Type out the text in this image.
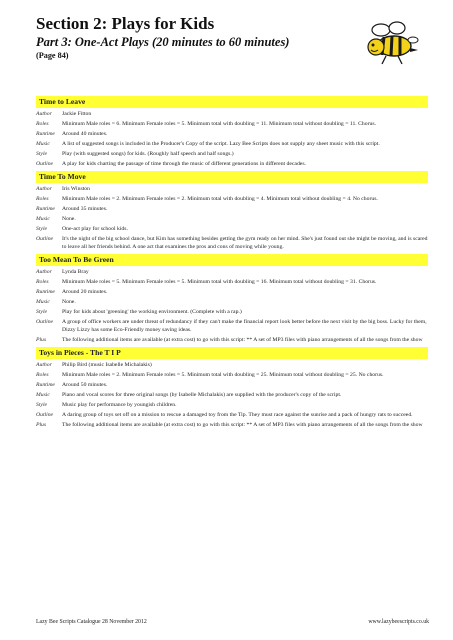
Section 2: Plays for Kids
Part 3: One-Act Plays (20 minutes to 60 minutes)
(Page 84)
Time to Leave
Author	Jackie Fitton
Roles	Minimum Male roles = 6. Minimum Female roles = 5. Minimum total with doubling = 11. Minimum total without doubling = 11. Chorus.
Runtime	Around 40 minutes.
Music	A list of suggested songs is included in the Producer's Copy of the script. Lazy Bee Scripts does not supply any sheet music with this script.
Style	Play (with suggested songs) for kids. (Roughly half speech and half songs.)
Outline	A play for kids charting the passage of time through the music of different generations in different decades.
Time To Move
Author	Iris Winston
Roles	Minimum Male roles = 2. Minimum Female roles = 2. Minimum total with doubling = 4. Minimum total without doubling = 4. No chorus.
Runtime	Around 35 minutes.
Music	None.
Style	One-act play for school kids.
Outline	It's the night of the big school dance, but Kim has something besides getting the gym ready on her mind. She's just found out she might be moving, and is scared to leave all her friends behind. A one act that examines the pros and cons of moving while young.
Too Mean To Be Green
Author	Lynda Bray
Roles	Minimum Male roles = 5. Minimum Female roles = 5. Minimum total with doubling = 16. Minimum total without doubling = 31. Chorus.
Runtime	Around 20 minutes.
Music	None.
Style	Play for kids about 'greening' the working environment. (Complete with a rap.)
Outline	A group of office workers are under threat of redundancy if they can't make the financial report look better before the next visit by the big boss. Lucky for them, Dizzy Lizzy has some Eco-Friendly money saving ideas.
Plus	The following additional items are available (at extra cost) to go with this script: ** A set of MP3 files with piano arrangements of all the songs from the show
Toys in Pieces - The T I P
Author	Philip Bird (music Isabelle Michalakis)
Roles	Minimum Male roles = 2. Minimum Female roles = 5. Minimum total with doubling = 25. Minimum total without doubling = 25. No chorus.
Runtime	Around 50 minutes.
Music	Piano and vocal scores for three original songs (by Isabelle Michalakis) are supplied with the producer's copy of the script.
Style	Music play for performance by youngish children.
Outline	A daring group of toys set off on a mission to rescue a damaged toy from the Tip. They must race against the sunrise and a pack of hungry rats to succeed.
Plus	The following additional items are available (at extra cost) to go with this script: ** A set of MP3 files with piano arrangements of all the songs from the show
Lazy Bee Scripts Catalogue 28 November 2012	www.lazybeescripts.co.uk
